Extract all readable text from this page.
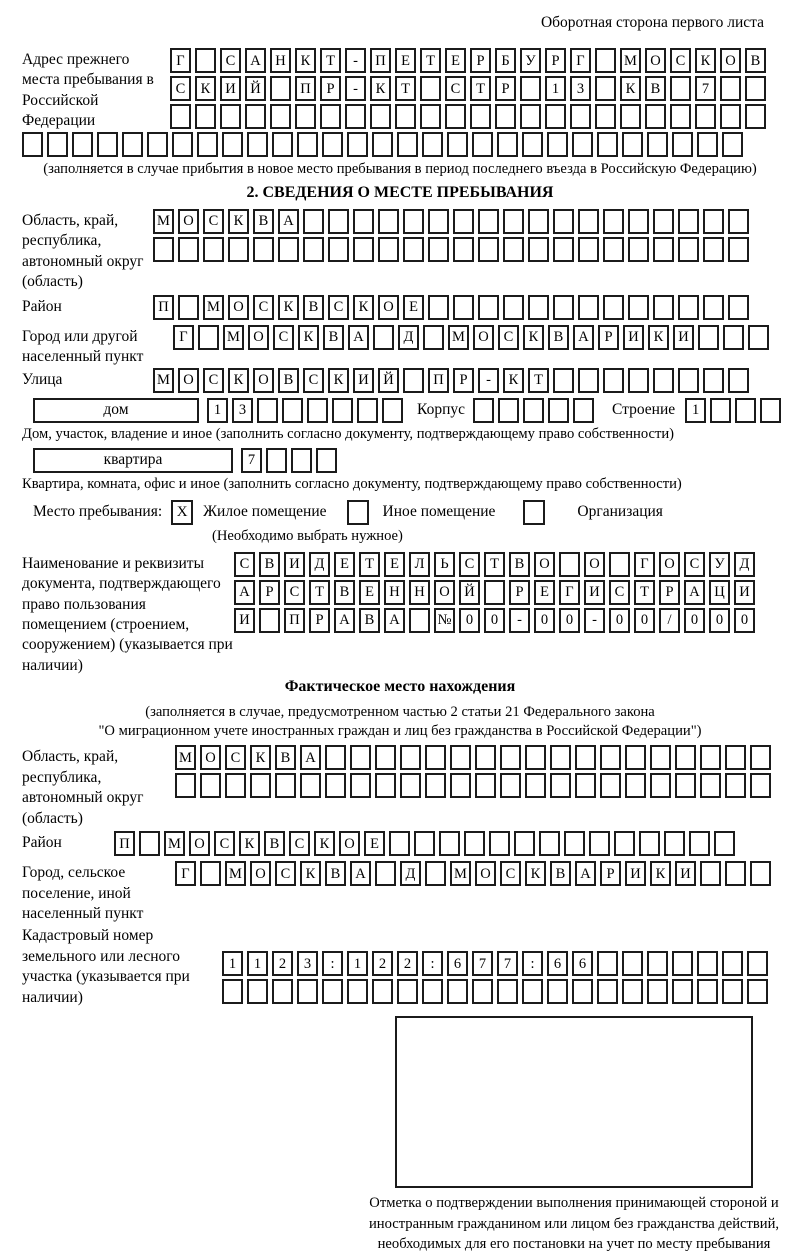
Оборотная сторона первого листа
Адрес прежнего места пребывания в Российской Федерации
Г	С	А	Н	К	Т	-	П	Е	Т	Е	Р	Б	У	Р	Г	М О	С	К	О	В
С	К	И	Й	П	Р	-	К	Т	С	Т	Р	1	3	К	В	7
(заполняется в случае прибытия в новое место пребывания в период последнего въезда в Российскую Федерацию)
2. СВЕДЕНИЯ О МЕСТЕ ПРЕБЫВАНИЯ
Область, край, республика, автономный округ (область)
М О	С	К	В	А
Район	П	М О	С	К	В	С	К	О	Е
Город или другой населенный пункт
Г	М О	С	К	В	А	Д	М О	С	К	В	А	Р	И	К	И
Улица	М О	С	К	О	В	С	К	И	Й	П	Р	-	К	Т
дом	1	3	Корпус	Строение	1
Дом, участок, владение и иное (заполнить согласно документу, подтверждающему право собственности)
квартира	7
Квартира, комната, офис и иное (заполнить согласно документу, подтверждающему право собственности)
Место пребывания: X	Жилое помещение	Иное помещение	Организация
(Необходимо выбрать нужное)
Наименование и реквизиты документа, подтверждающего право пользования помещением (строением, сооружением) (указывается при наличии)
С	В	И	Д	Е	Т	Е	Л	Ь	С	Т	В	О	О	Г	О	С	У	Д
А	Р	С	Т	В	Е	Н	Н	О	Й	Р	Е	Г	И	С	Т	Р	А	Ц	И
И	П	Р	А	В	А	№ 0	0	-	0	0	-	0	0	/	0	0	0
Фактическое место нахождения
(заполняется в случае, предусмотренном частью 2 статьи 21 Федерального закона
"О миграционном учете иностранных граждан и лиц без гражданства в Российской Федерации")
Область, край, республика, автономный округ (область)
М О	С	К	В	А
Район	П	М О	С	К	В	С	К	О	Е
Город, сельское поселение, иной населенный пункт
Г	М О	С	К	В	А	Д	М О	С	К	В	А	Р	И	К	И
Кадастровый номер земельного или лесного участка (указывается при наличии)
1	1	2	3	:	1	2	2	:	6	7	7	:	6	6
Отметка о подтверждении выполнения принимающей стороной и иностранным гражданином или лицом без гражданства действий, необходимых для его постановки на учет по месту пребывания
